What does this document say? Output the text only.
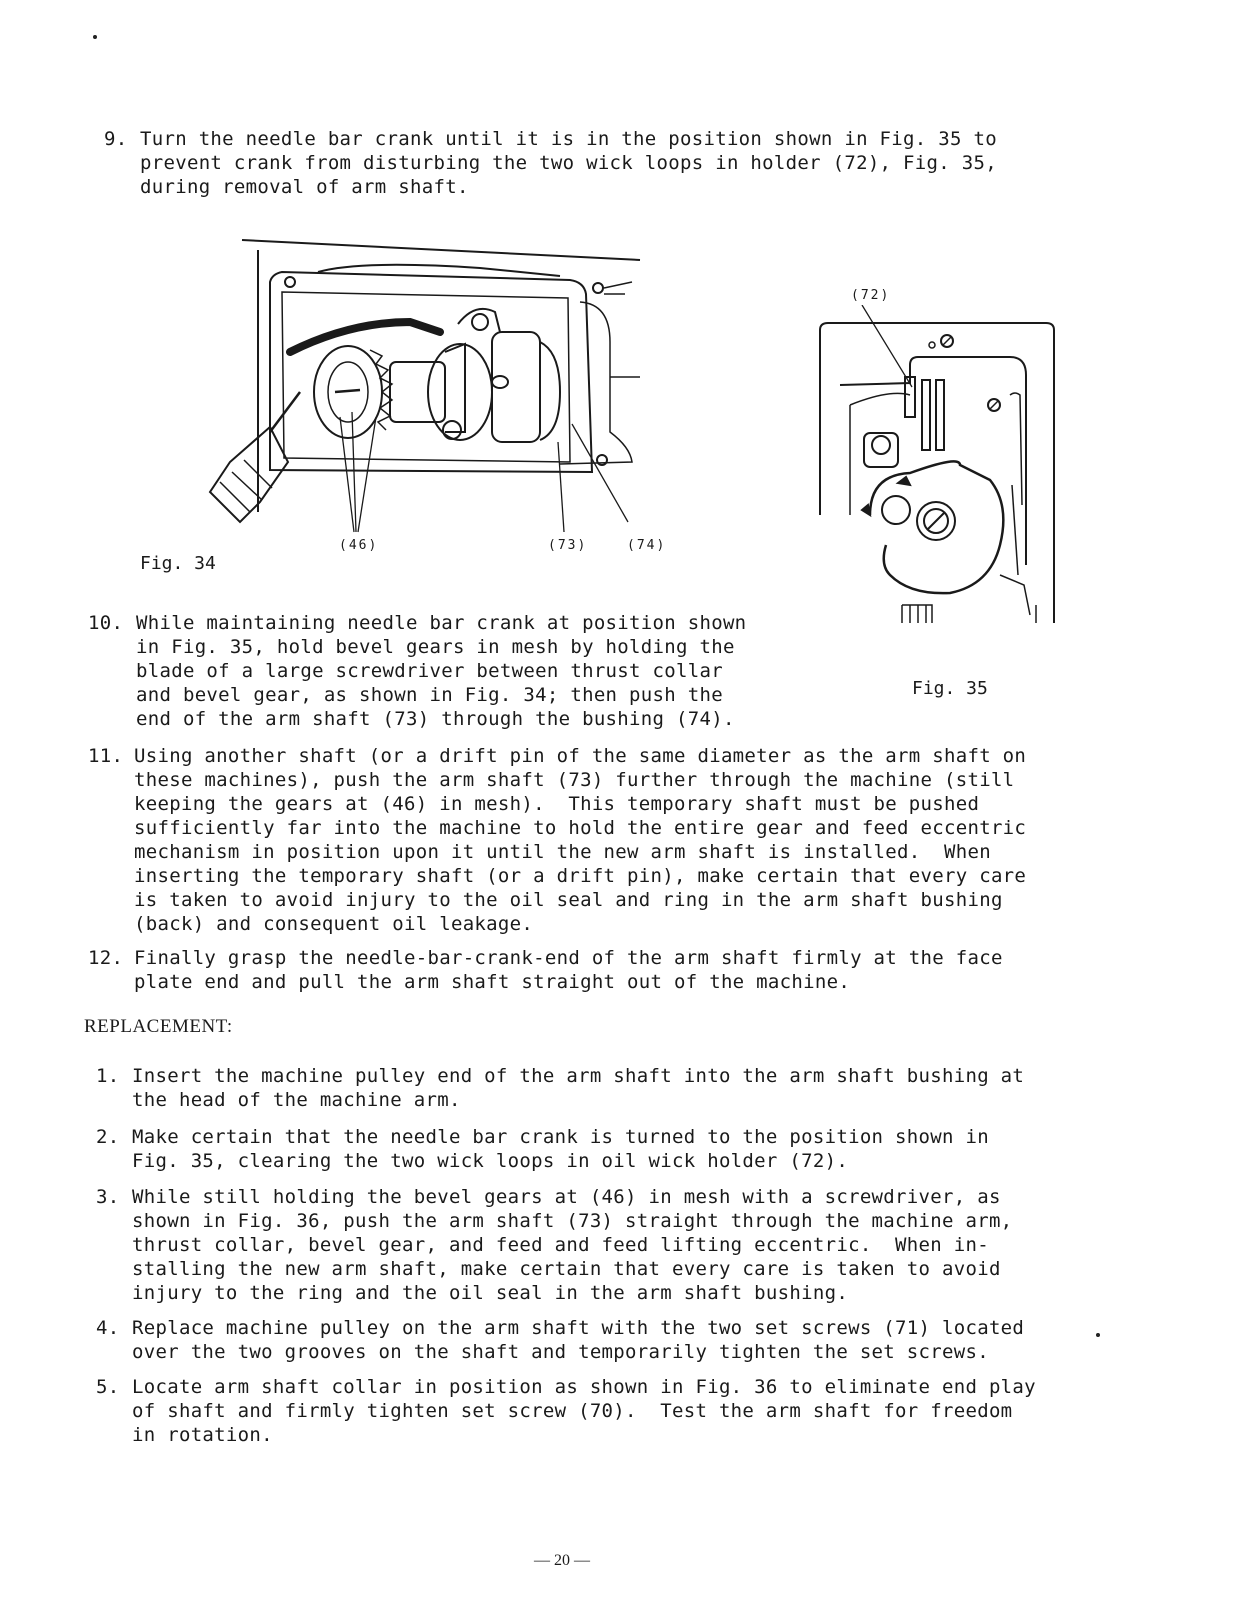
9. Turn the needle bar crank until it is in the position shown in Fig. 35 to
prevent crank from disturbing the two wick loops in holder (72), Fig. 35,
during removal of arm shaft.
(46)	(73)	(74)
Fig. 34
(72)
Fig. 35
10. While maintaining needle bar crank at position shown
in Fig. 35, hold bevel gears in mesh by holding the
blade of a large screwdriver between thrust collar
and bevel gear, as shown in Fig. 34; then push the
end of the arm shaft (73) through the bushing (74).
11. Using another shaft (or a drift pin of the same diameter as the arm shaft on
these machines), push the arm shaft (73) further through the machine (still
keeping the gears at (46) in mesh).  This temporary shaft must be pushed
sufficiently far into the machine to hold the entire gear and feed eccentric
mechanism in position upon it until the new arm shaft is installed.  When
inserting the temporary shaft (or a drift pin), make certain that every care
is taken to avoid injury to the oil seal and ring in the arm shaft bushing
(back) and consequent oil leakage.
12. Finally grasp the needle-bar-crank-end of the arm shaft firmly at the face
plate end and pull the arm shaft straight out of the machine.
REPLACEMENT:
1. Insert the machine pulley end of the arm shaft into the arm shaft bushing at
the head of the machine arm.
2. Make certain that the needle bar crank is turned to the position shown in
Fig. 35, clearing the two wick loops in oil wick holder (72).
3. While still holding the bevel gears at (46) in mesh with a screwdriver, as
shown in Fig. 36, push the arm shaft (73) straight through the machine arm,
thrust collar, bevel gear, and feed and feed lifting eccentric.  When in-
stalling the new arm shaft, make certain that every care is taken to avoid
injury to the ring and the oil seal in the arm shaft bushing.
4. Replace machine pulley on the arm shaft with the two set screws (71) located
over the two grooves on the shaft and temporarily tighten the set screws.
5. Locate arm shaft collar in position as shown in Fig. 36 to eliminate end play
of shaft and firmly tighten set screw (70).  Test the arm shaft for freedom
in rotation.
— 20 —
